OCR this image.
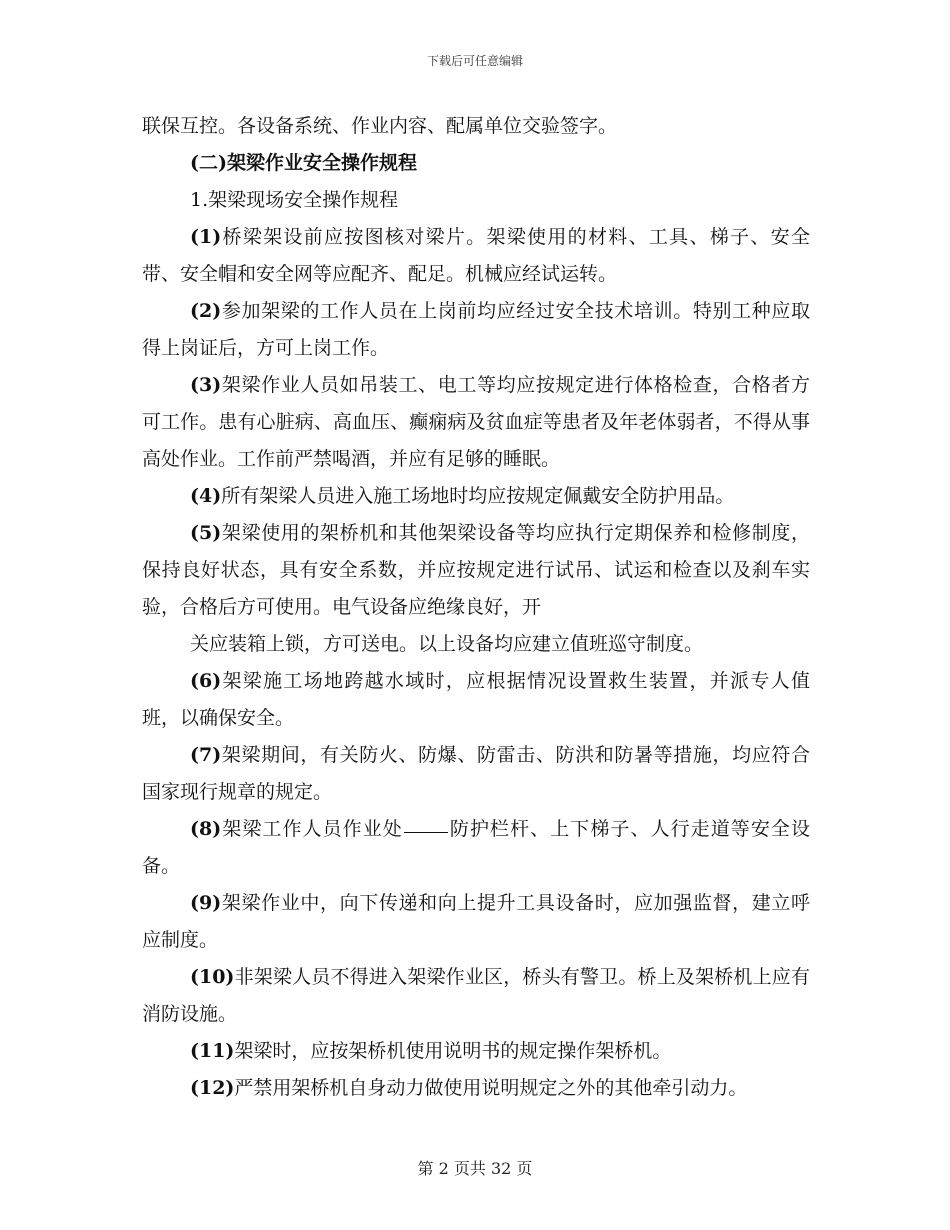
下载后可任意编辑

联保互控。各设备系统、作业内容、配属单位交验签字。

(二)架梁作业安全操作规程

1.架梁现场安全操作规程

(1)桥梁架设前应按图核对梁片。架梁使用的材料、工具、梯子、安全带、安全帽和安全网等应配齐、配足。机械应经试运转。

(2)参加架梁的工作人员在上岗前均应经过安全技术培训。特别工种应取得上岗证后，方可上岗工作。

(3)架梁作业人员如吊装工、电工等均应按规定进行体格检查，合格者方可工作。患有心脏病、高血压、癫痫病及贫血症等患者及年老体弱者，不得从事高处作业。工作前严禁喝酒，并应有足够的睡眠。

(4)所有架梁人员进入施工场地时均应按规定佩戴安全防护用品。

(5)架梁使用的架桥机和其他架梁设备等均应执行定期保养和检修制度，保持良好状态，具有安全系数，并应按规定进行试吊、试运和检查以及刹车实验，合格后方可使用。电气设备应绝缘良好，开

关应装箱上锁，方可送电。以上设备均应建立值班巡守制度。

(6)架梁施工场地跨越水域时，应根据情况设置救生装置，并派专人值班，以确保安全。

(7)架梁期间，有关防火、防爆、防雷击、防洪和防暑等措施，均应符合国家现行规章的规定。

(8)架梁工作人员作业处 防护栏杆、上下梯子、人行走道等安全设备。

(9)架梁作业中，向下传递和向上提升工具设备时，应加强监督，建立呼应制度。

(10)非架梁人员不得进入架梁作业区，桥头有警卫。桥上及架桥机上应有消防设施。

(11)架梁时，应按架桥机使用说明书的规定操作架桥机。

(12)严禁用架桥机自身动力做使用说明规定之外的其他牵引动力。

第 2 页共 32 页
